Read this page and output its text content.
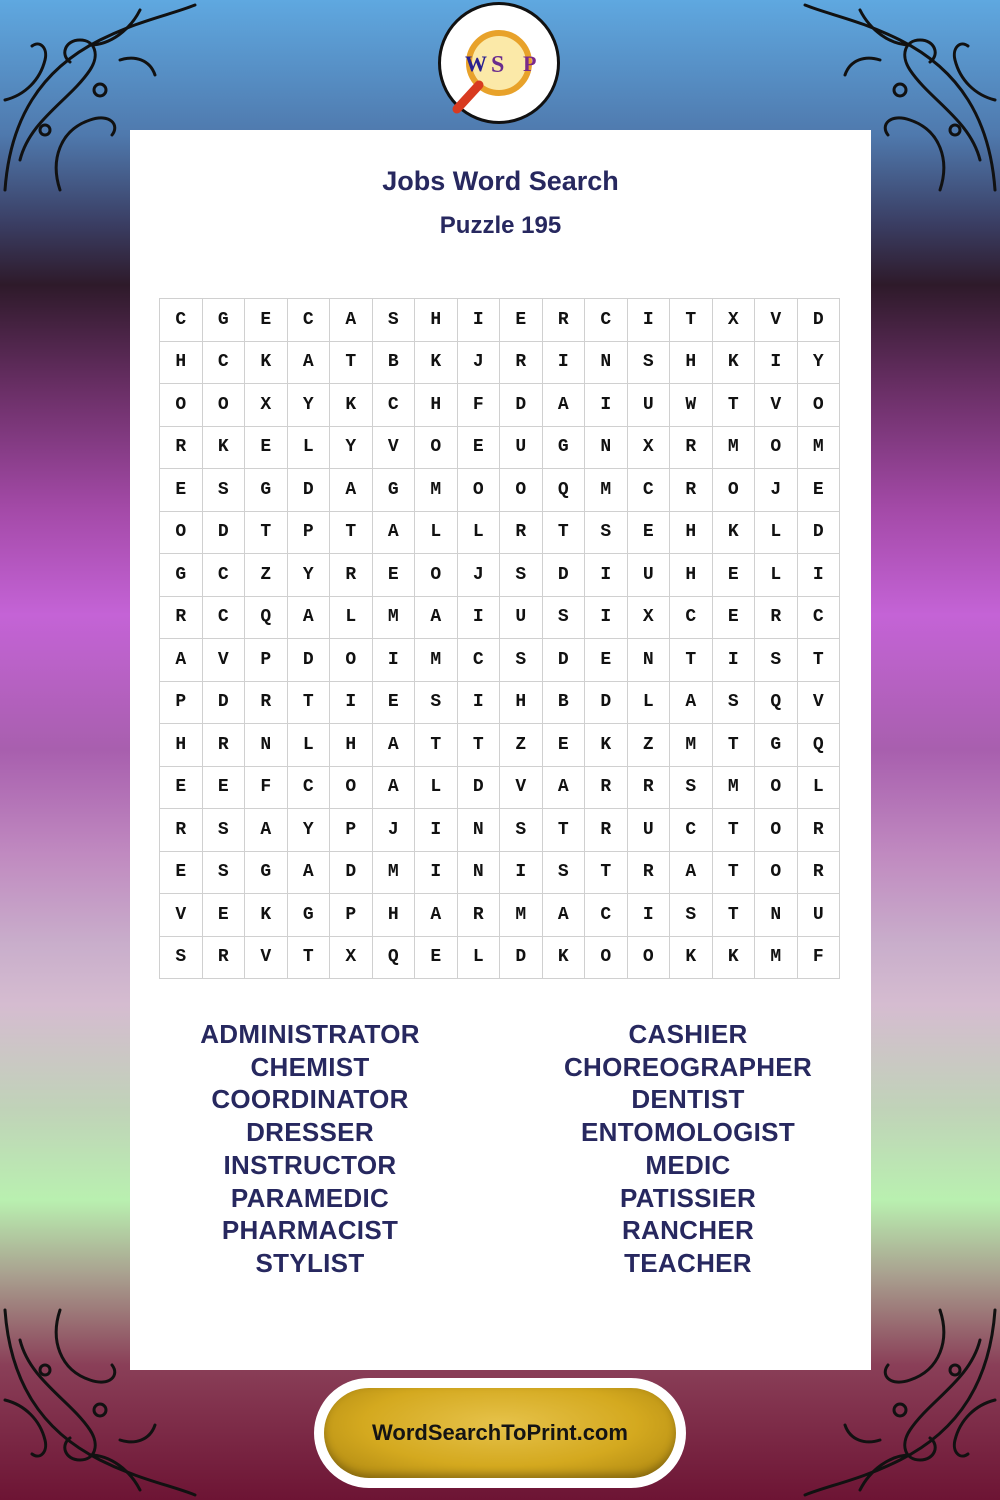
W S P
Jobs Word Search
Puzzle 195
C	G	E	C	A	S	H	I	E	R	C	I	T	X	V	D
H	C	K	A	T	B	K	J	R	I	N	S	H	K	I	Y
O	O	X	Y	K	C	H	F	D	A	I	U	W	T	V	O
R	K	E	L	Y	V	O	E	U	G	N	X	R	M	O	M
E	S	G	D	A	G	M	O	O	Q	M	C	R	O	J	E
O	D	T	P	T	A	L	L	R	T	S	E	H	K	L	D
G	C	Z	Y	R	E	O	J	S	D	I	U	H	E	L	I
R	C	Q	A	L	M	A	I	U	S	I	X	C	E	R	C
A	V	P	D	O	I	M	C	S	D	E	N	T	I	S	T
P	D	R	T	I	E	S	I	H	B	D	L	A	S	Q	V
H	R	N	L	H	A	T	T	Z	E	K	Z	M	T	G	Q
E	E	F	C	O	A	L	D	V	A	R	R	S	M	O	L
R	S	A	Y	P	J	I	N	S	T	R	U	C	T	O	R
E	S	G	A	D	M	I	N	I	S	T	R	A	T	O	R
V	E	K	G	P	H	A	R	M	A	C	I	S	T	N	U
S	R	V	T	X	Q	E	L	D	K	O	O	K	K	M	F
ADMINISTRATOR
CHEMIST
COORDINATOR
DRESSER
INSTRUCTOR
PARAMEDIC
PHARMACIST
STYLIST
CASHIER
CHOREOGRAPHER
DENTIST
ENTOMOLOGIST
MEDIC
PATISSIER
RANCHER
TEACHER
WordSearchToPrint.com
